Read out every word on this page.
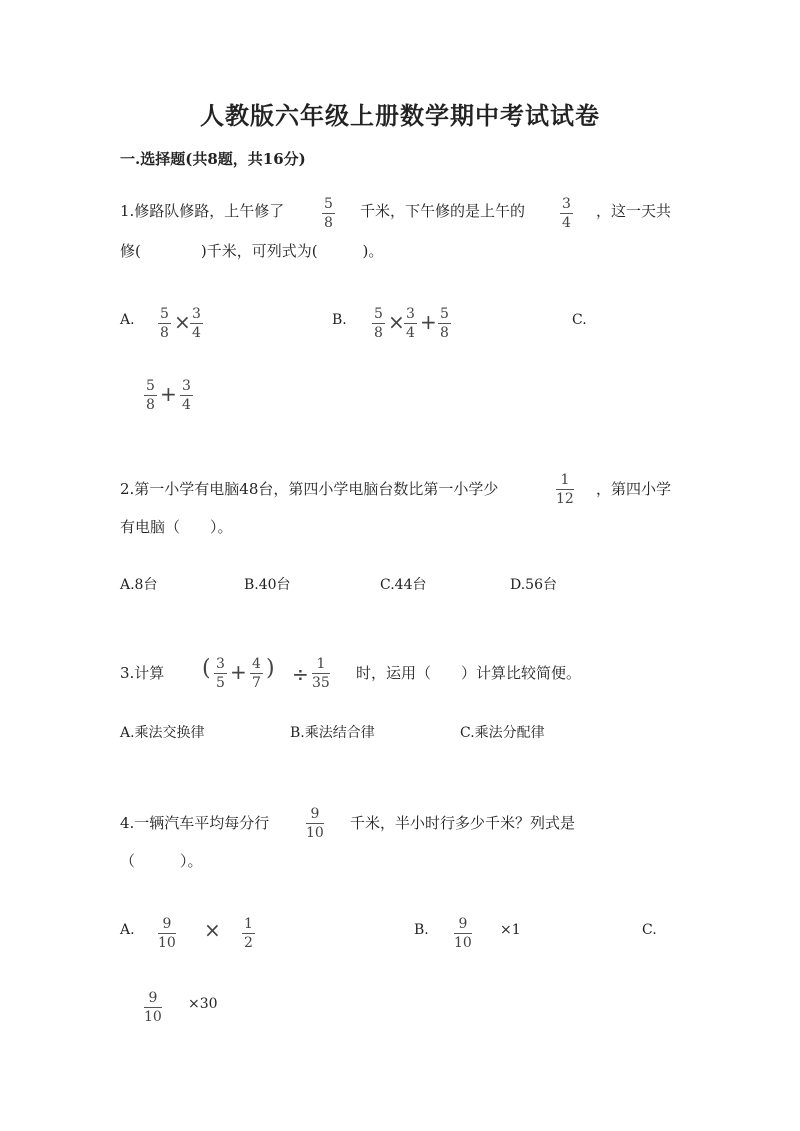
人教版六年级上册数学期中考试试卷
一.选择题(共8题，共16分)
1.修路队修路，上午修了	5
8
千米，下午修的是上午的	3
4
，这一天共
修(　　　　)千米，可列式为(　　　)。
A. 5
8 × 3
4
B. 5
8 × 3
4 + 5
8
C.
5
8 + 3
4
2.第一小学有电脑48台，第四小学电脑台数比第一小学少	1
12
，第四小学
有电脑（　　）。
A.8台	B.40台	C.44台	D.56台
3.计算 ( 3
5 + 4
7
) ÷ 1
35
时，运用（　　）计算比较简便。
A.乘法交换律	B.乘法结合律	C.乘法分配律
4.一辆汽车平均每分行	9
10
千米，半小时行多少千米？列式是
（　　　）。
A. 9
10
× 1
2
B. 9
10
×1	C.
9
10
×30
